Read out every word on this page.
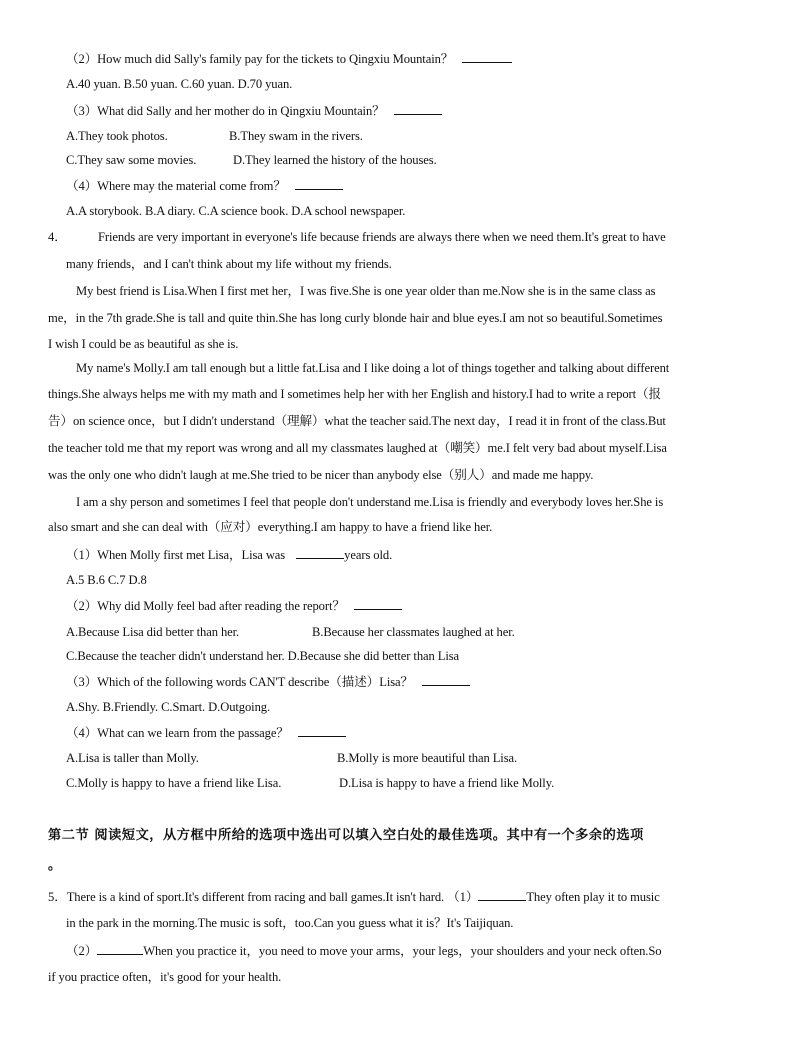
（2）How much did Sally's family pay for the tickets to Qingxiu Mountain？
A.40 yuan. B.50 yuan. C.60 yuan. D.70 yuan.
（3）What did Sally and her mother do in Qingxiu Mountain？
A.They took photos.	B.They swam in the rivers.
C.They saw some movies.	D.They learned the history of the houses.
（4）Where may the material come from？
A.A storybook. B.A diary. C.A science book. D.A school newspaper.
4． Friends are very important in everyone's life because friends are always there when we need them.It's great to have
many friends，and I can't think about my life without my friends.
My best friend is Lisa.When I first met her，I was five.She is one year older than me.Now she is in the same class as
me，in the 7th grade.She is tall and quite thin.She has long curly blonde hair and blue eyes.I am not so beautiful.Sometimes
I wish I could be as beautiful as she is.
My name's Molly.I am tall enough but a little fat.Lisa and I like doing a lot of things together and talking about different
things.She always helps me with my math and I sometimes help her with her English and history.I had to write a report（报
告）on science once，but I didn't understand（理解）what the teacher said.The next day，I read it in front of the class.But
the teacher told me that my report was wrong and all my classmates laughed at（嘲笑）me.I felt very bad about myself.Lisa
was the only one who didn't laugh at me.She tried to be nicer than anybody else（别人）and made me happy.
I am a shy person and sometimes I feel that people don't understand me.Lisa is friendly and everybody loves her.She is
also smart and she can deal with（应对）everything.I am happy to have a friend like her.
（1）When Molly first met Lisa，Lisa was	years old.
A.5 B.6 C.7 D.8
（2）Why did Molly feel bad after reading the report？
A.Because Lisa did better than her.	B.Because her classmates laughed at her.
C.Because the teacher didn't understand her. D.Because she did better than Lisa
（3）Which of the following words CAN'T describe（描述）Lisa？
A.Shy. B.Friendly. C.Smart. D.Outgoing.
（4）What can we learn from the passage？
A.Lisa is taller than Molly.	B.Molly is more beautiful than Lisa.
C.Molly is happy to have a friend like Lisa.	D.Lisa is happy to have a friend like Molly.
第二节 阅读短文，从方框中所给的选项中选出可以填入空白处的最佳选项。其中有一个多余的选项
。
5．There is a kind of sport.It's different from racing and ball games.It isn't hard. （1）	They often play it to music
in the park in the morning.The music is soft，too.Can you guess what it is？It's Taijiquan.
（2）	When you practice it，you need to move your arms，your legs，your shoulders and your neck often.So
if you practice often，it's good for your health.
